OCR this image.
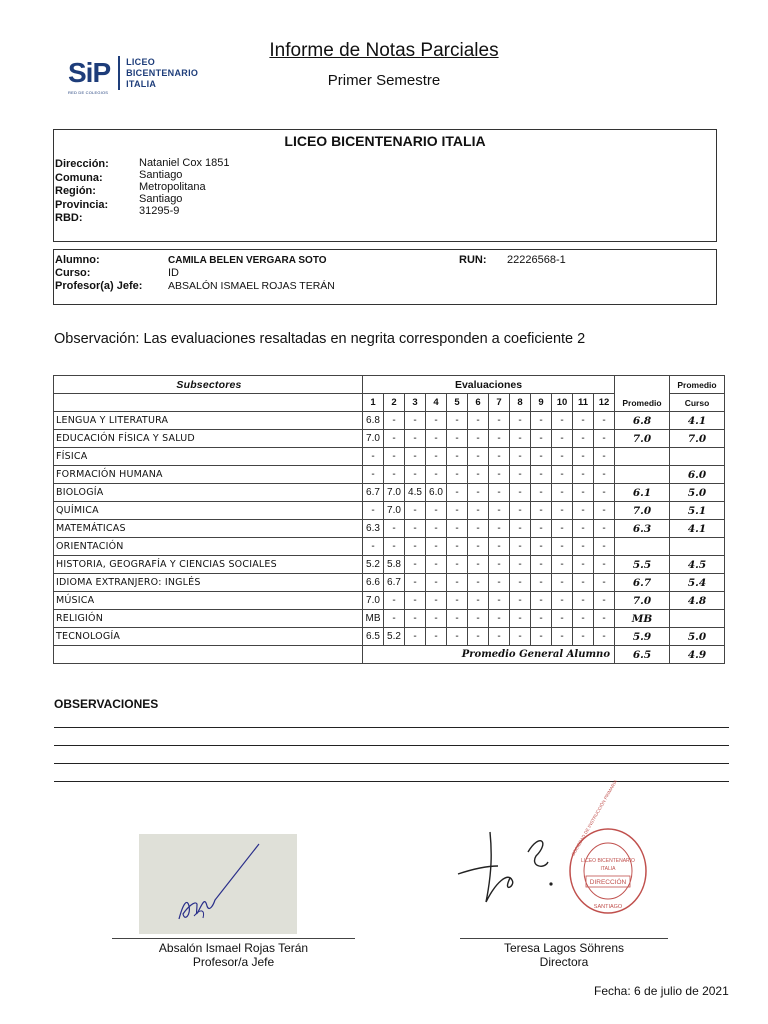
SiP
RED DE COLEGIOS
LICEO
BICENTENARIO ITALIA
Informe de Notas Parciales
Primer Semestre
LICEO BICENTENARIO ITALIA
Dirección:	Nataniel Cox 1851
Comuna:	Santiago
Región:	Metropolitana
Provincia:	Santiago
RBD:
31295-9
Alumno:	CAMILA BELEN VERGARA SOTO	RUN: 22226568-1
Curso:	ID
Profesor(a) Jefe: ABSALÓN ISMAEL ROJAS TERÁN
Observación: Las evaluaciones resaltadas en negrita corresponden a coeficiente 2
Subsectores	Evaluaciones												Promedio	Promedio
	1	2	3	4	5	6	7	8	9	10	11	12		Curso
LENGUA Y LITERATURA	6.8	-	-	-	-	-	-	-	-	-	-	-	6.8	4.1
EDUCACIÓN FÍSICA Y SALUD	7.0	-	-	-	-	-	-	-	-	-	-	-	7.0	7.0
FÍSICA	-	-	-	-	-	-	-	-	-	-	-	-		
FORMACIÓN HUMANA	-	-	-	-	-	-	-	-	-	-	-	-		6.0
BIOLOGÍA	6.7	7.0	4.5	6.0	-	-	-	-	-	-	-	-	6.1	5.0
QUÍMICA	-	7.0	-	-	-	-	-	-	-	-	-	-	7.0	5.1
MATEMÁTICAS	6.3	-	-	-	-	-	-	-	-	-	-	-	6.3	4.1
ORIENTACIÓN	-	-	-	-	-	-	-	-	-	-	-	-		
HISTORIA, GEOGRAFÍA Y CIENCIAS SOCIALES	5.2	5.8	-	-	-	-	-	-	-	-	-	-	5.5	4.5
IDIOMA EXTRANJERO: INGLÉS	6.6	6.7	-	-	-	-	-	-	-	-	-	-	6.7	5.4
MÚSICA	7.0	-	-	-	-	-	-	-	-	-	-	-	7.0	4.8
RELIGIÓN	MB	-	-	-	-	-	-	-	-	-	-	-	MB	
TECNOLOGÍA	6.5	5.2	-	-	-	-	-	-	-	-	-	-	5.9	5.0
	Promedio General Alumno												6.5	4.9
OBSERVACIONES
Absalón Ismael Rojas Terán
Profesor/a Jefe
LICEO BICENTENARIO
ITALIA
DIRECCIÓN
SANTIAGO
SOCIEDAD DE INSTRUCCIÓN PRIMARIA
Teresa Lagos Söhrens
Directora
Fecha: 6 de julio de 2021
